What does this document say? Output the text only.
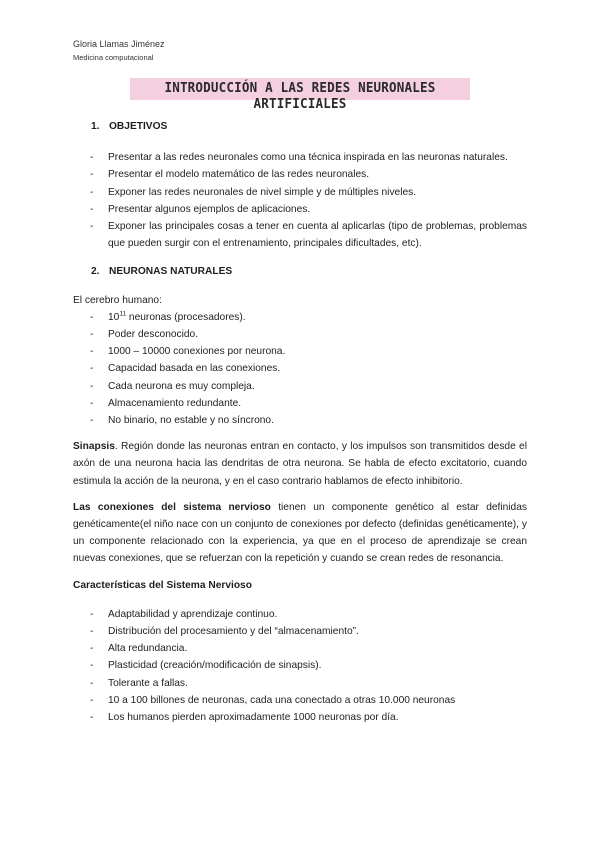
Gloria Llamas Jiménez
Medicina computacional
INTRODUCCIÓN A LAS REDES NEURONALES ARTIFICIALES
1. OBJETIVOS
- Presentar a las redes neuronales como una técnica inspirada en las neuronas naturales.
- Presentar el modelo matemático de las redes neuronales.
- Exponer las redes neuronales de nivel simple y de múltiples niveles.
- Presentar algunos ejemplos de aplicaciones.
- Exponer las principales cosas a tener en cuenta al aplicarlas (tipo de problemas, problemas que pueden surgir con el entrenamiento, principales dificultades, etc).
2. NEURONAS NATURALES

El cerebro humano:

- $10^{11}$ neuronas (procesadores).
- Poder desconocido.
- 1000 – 10000 conexiones por neurona.
- Capacidad basada en las conexiones.
- Cada neurona es muy compleja.
- Almacenamiento redundante.
- No binario, no estable y no síncrono.

Sinapsis. Región donde las neuronas entran en contacto, y los impulsos son transmitidos desde el axón de una neurona hacia las dendritas de otra neurona. Se habla de efecto excitatorio, cuando estimula la acción de la neurona, y en el caso contrario hablamos de efecto inhibitorio.

Las conexiones del sistema nervioso tienen un componente genético al estar definidas genéticamente(el niño nace con un conjunto de conexiones por defecto (definidas genéticamente), y un componente relacionado con la experiencia, ya que en el proceso de aprendizaje se crean nuevas conexiones, que se refuerzan con la repetición y cuando se crean redes de resonancia.

Características del Sistema Nervioso

- Adaptabilidad y aprendizaje continuo.
- Distribución del procesamiento y del “almacenamiento”.
- Alta redundancia.
- Plasticidad (creación/modificación de sinapsis).
- Tolerante a fallas.
- 10 a 100 billones de neuronas, cada una conectado a otras 10.000 neuronas
- Los humanos pierden aproximadamente 1000 neuronas por día.
